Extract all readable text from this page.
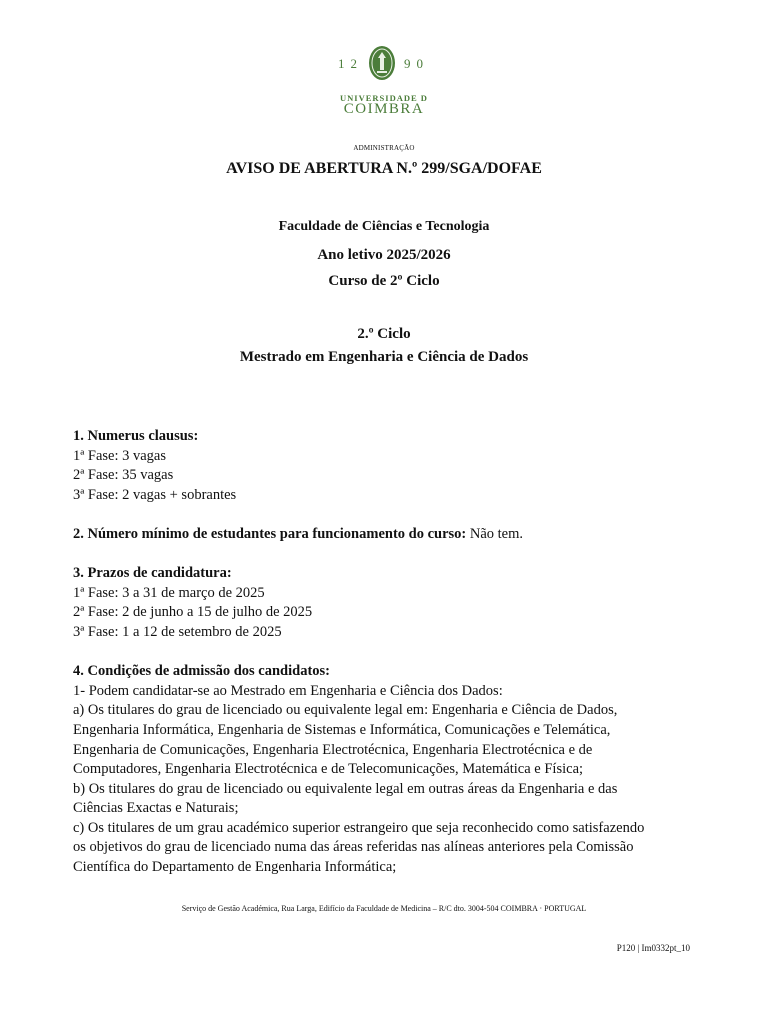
12	90
UNIVERSIDADE D
COIMBRA
ADMINISTRAÇÃO
AVISO DE ABERTURA N.º 299/SGA/DOFAE
Faculdade de Ciências e Tecnologia
Ano letivo 2025/2026
Curso de 2º Ciclo
2.º Ciclo
Mestrado em Engenharia e Ciência de Dados
1. Numerus clausus:
1ª Fase: 3 vagas
2ª Fase: 35 vagas
3ª Fase: 2 vagas + sobrantes
2. Número mínimo de estudantes para funcionamento do curso: Não tem.
3. Prazos de candidatura:
1ª Fase: 3 a 31 de março de 2025
2ª Fase: 2 de junho a 15 de julho de 2025
3ª Fase: 1 a 12 de setembro de 2025
4. Condições de admissão dos candidatos:
1- Podem candidatar-se ao Mestrado em Engenharia e Ciência dos Dados:
a) Os titulares do grau de licenciado ou equivalente legal em: Engenharia e Ciência de Dados,
Engenharia Informática, Engenharia de Sistemas e Informática, Comunicações e Telemática,
Engenharia de Comunicações, Engenharia Electrotécnica, Engenharia Electrotécnica e de
Computadores, Engenharia Electrotécnica e de Telecomunicações, Matemática e Física;
b) Os titulares do grau de licenciado ou equivalente legal em outras áreas da Engenharia e das
Ciências Exactas e Naturais;
c) Os titulares de um grau académico superior estrangeiro que seja reconhecido como satisfazendo
os objetivos do grau de licenciado numa das áreas referidas nas alíneas anteriores pela Comissão
Científica do Departamento de Engenharia Informática;
Serviço de Gestão Académica, Rua Larga, Edifício da Faculdade de Medicina – R/C dto. 3004-504 COIMBRA · PORTUGAL
P120 | Im0332pt_10
